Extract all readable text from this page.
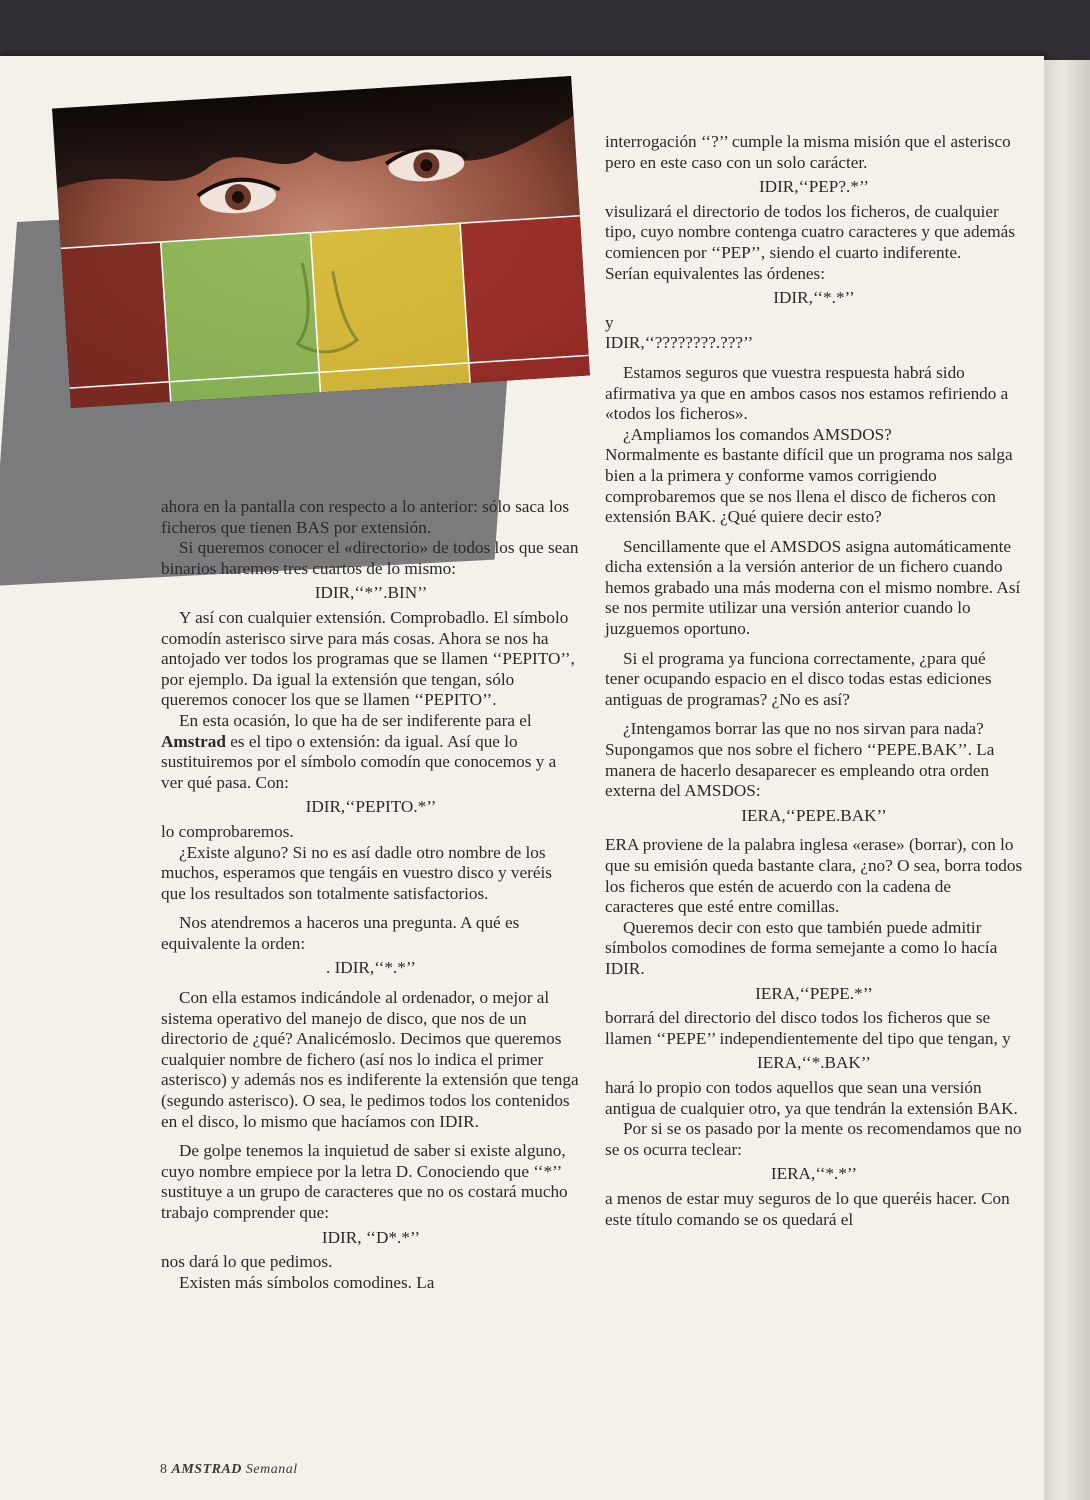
ahora en la pantalla con respecto a lo anterior: sólo saca los ficheros que tienen BAS por extensión.

Si queremos conocer el «directorio» de todos los que sean binarios haremos tres cuartos de lo mismo:

IDIR,‘‘*’’.BIN’’

Y así con cualquier extensión. Comprobadlo. El símbolo comodín asterisco sirve para más cosas. Ahora se nos ha antojado ver todos los programas que se llamen ‘‘PEPITO’’, por ejemplo. Da igual la extensión que tengan, sólo queremos conocer los que se llamen ‘‘PEPITO’’.

En esta ocasión, lo que ha de ser indiferente para el Amstrad es el tipo o extensión: da igual. Así que lo sustituiremos por el símbolo comodín que conocemos y a ver qué pasa. Con:

IDIR,‘‘PEPITO.*’’

lo comprobaremos.

¿Existe alguno? Si no es así dadle otro nombre de los muchos, esperamos que tengáis en vuestro disco y veréis que los resultados son totalmente satisfactorios.

Nos atendremos a haceros una pregunta. A qué es equivalente la orden:

. IDIR,‘‘*.*’’

Con ella estamos indicándole al ordenador, o mejor al sistema operativo del manejo de disco, que nos de un directorio de ¿qué? Analicémoslo. Decimos que queremos cualquier nombre de fichero (así nos lo indica el primer asterisco) y además nos es indiferente la extensión que tenga (segundo asterisco). O sea, le pedimos todos los contenidos en el disco, lo mismo que hacíamos con IDIR.

De golpe tenemos la inquietud de saber si existe alguno, cuyo nombre empiece por la letra D. Conociendo que ‘‘*’’ sustituye a un grupo de caracteres que no os costará mucho trabajo comprender que:

IDIR, ‘‘D*.*’’

nos dará lo que pedimos.

Existen más símbolos comodines. La

interrogación ‘‘?’’ cumple la misma misión que el asterisco pero en este caso con un solo carácter.

IDIR,‘‘PEP?.*’’

visulizará el directorio de todos los ficheros, de cualquier tipo, cuyo nombre contenga cuatro caracteres y que además comiencen por ‘‘PEP’’, siendo el cuarto indiferente.

Serían equivalentes las órdenes:

IDIR,‘‘*.*’’

y

IDIR,‘‘????????.???’’

Estamos seguros que vuestra respuesta habrá sido afirmativa ya que en ambos casos nos estamos refiriendo a «todos los ficheros».

¿Ampliamos los comandos AMSDOS?

Normalmente es bastante difícil que un programa nos salga bien a la primera y conforme vamos corrigiendo comprobaremos que se nos llena el disco de ficheros con extensión BAK. ¿Qué quiere decir esto?

Sencillamente que el AMSDOS asigna automáticamente dicha extensión a la versión anterior de un fichero cuando hemos grabado una más moderna con el mismo nombre. Así se nos permite utilizar una versión anterior cuando lo juzguemos oportuno.

Si el programa ya funciona correctamente, ¿para qué tener ocupando espacio en el disco todas estas ediciones antiguas de programas? ¿No es así?

¿Intengamos borrar las que no nos sirvan para nada? Supongamos que nos sobre el fichero ‘‘PEPE.BAK’’. La manera de hacerlo desaparecer es empleando otra orden externa del AMSDOS:

IERA,‘‘PEPE.BAK’’

ERA proviene de la palabra inglesa «erase» (borrar), con lo que su emisión queda bastante clara, ¿no? O sea, borra todos los ficheros que estén de acuerdo con la cadena de caracteres que esté entre comillas.

Queremos decir con esto que también puede admitir símbolos comodines de forma semejante a como lo hacía IDIR.

IERA,‘‘PEPE.*’’

borrará del directorio del disco todos los ficheros que se llamen ‘‘PEPE’’ independientemente del tipo que tengan, y

IERA,‘‘*.BAK’’

hará lo propio con todos aquellos que sean una versión antigua de cualquier otro, ya que tendrán la extensión BAK.

Por si se os pasado por la mente os recomendamos que no se os ocurra teclear:

IERA,‘‘*.*’’

a menos de estar muy seguros de lo que queréis hacer. Con este título comando se os quedará el

8 AMSTRAD Semanal
